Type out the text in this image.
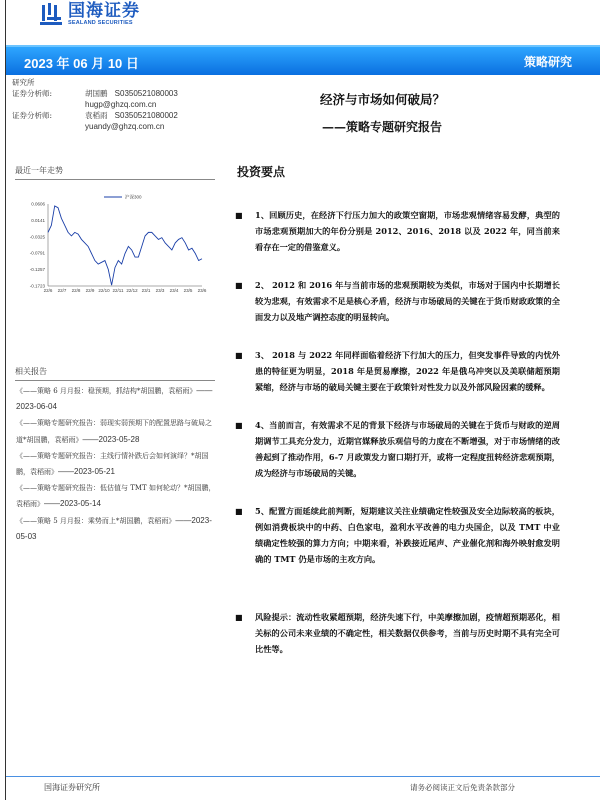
国海证券
SEALAND SECURITIES
2023 年 06 月 10 日	策略研究
研究所
证券分析师:	胡国鹏
S0350521080003
hugp@ghzq.com.cn
证券分析师:	袁稻雨
S0350521080002
yuandy@ghzq.com.cn
经济与市场如何破局？
——策略专题研究报告
最近一年走势
0.0606
0.0141
-0.0325
-0.0791
-0.1257
-0.1723
22/6 22/7 22/8 22/9 22/10 22/11 22/12 23/1 23/3 23/4 23/5 23/6
沪深300
相关报告
《——策略 6 月月报：稳预期，抓结构*胡国鹏，袁稻雨》——2023-06-04
《——策略专题研究报告：弱现实弱预期下的配置思路与破局之道*胡国鹏，袁稻雨》——2023-05-28
《——策略专题研究报告：主线行情补跌后会如何演绎？*胡国鹏，袁稻雨》——2023-05-21
《——策略专题研究报告：低估值与 TMT 如何轮动？*胡国鹏，袁稻雨》——2023-05-14
《——策略 5 月月报：乘势而上*胡国鹏，袁稻雨》——2023-05-03
投资要点
■	1、回顾历史，在经济下行压力加大的政策空窗期，市场悲观情绪容易发酵，典型的市场悲观预期加大的年份分别是 2012、2016、2018 以及 2022 年，同当前来看存在一定的借鉴意义。
■	2、 2012 和 2016 年与当前市场的悲观预期较为类似，市场对于国内中长期增长较为悲观，有效需求不足是核心矛盾，经济与市场破局的关键在于货币财政政策的全面发力以及地产调控态度的明显转向。
■	3、 2018 与 2022 年同样面临着经济下行加大的压力，但突发事件导致的内忧外患的特征更为明显，2018 年是贸易摩擦，2022 年是俄乌冲突以及美联储超预期紧缩，经济与市场的破局关键主要在于政策针对性发力以及外部风险因素的缓释。
■	4、当前而言，有效需求不足的背景下经济与市场破局的关键在于货币与财政的逆周期调节工具充分发力，近期官媒释放乐观信号的力度在不断增强，对于市场情绪的改善起到了推动作用，6-7 月政策发力窗口期打开，或将一定程度扭转经济悲观预期，成为经济与市场破局的关键。
■	5、配置方面延续此前判断，短期建议关注业绩确定性较强及安全边际较高的板块，例如消费板块中的中药、白色家电，盈利水平改善的电力央国企，以及 TMT 中业绩确定性较强的算力方向；中期来看，补跌接近尾声、产业催化剂和海外映射愈发明确的 TMT 仍是市场的主攻方向。
■	风险提示：流动性收紧超预期，经济失速下行，中美摩擦加剧，疫情超预期恶化，相关标的公司未来业绩的不确定性，相关数据仅供参考，当前与历史时期不具有完全可比性等。
国海证券研究所	请务必阅读正文后免责条款部分
